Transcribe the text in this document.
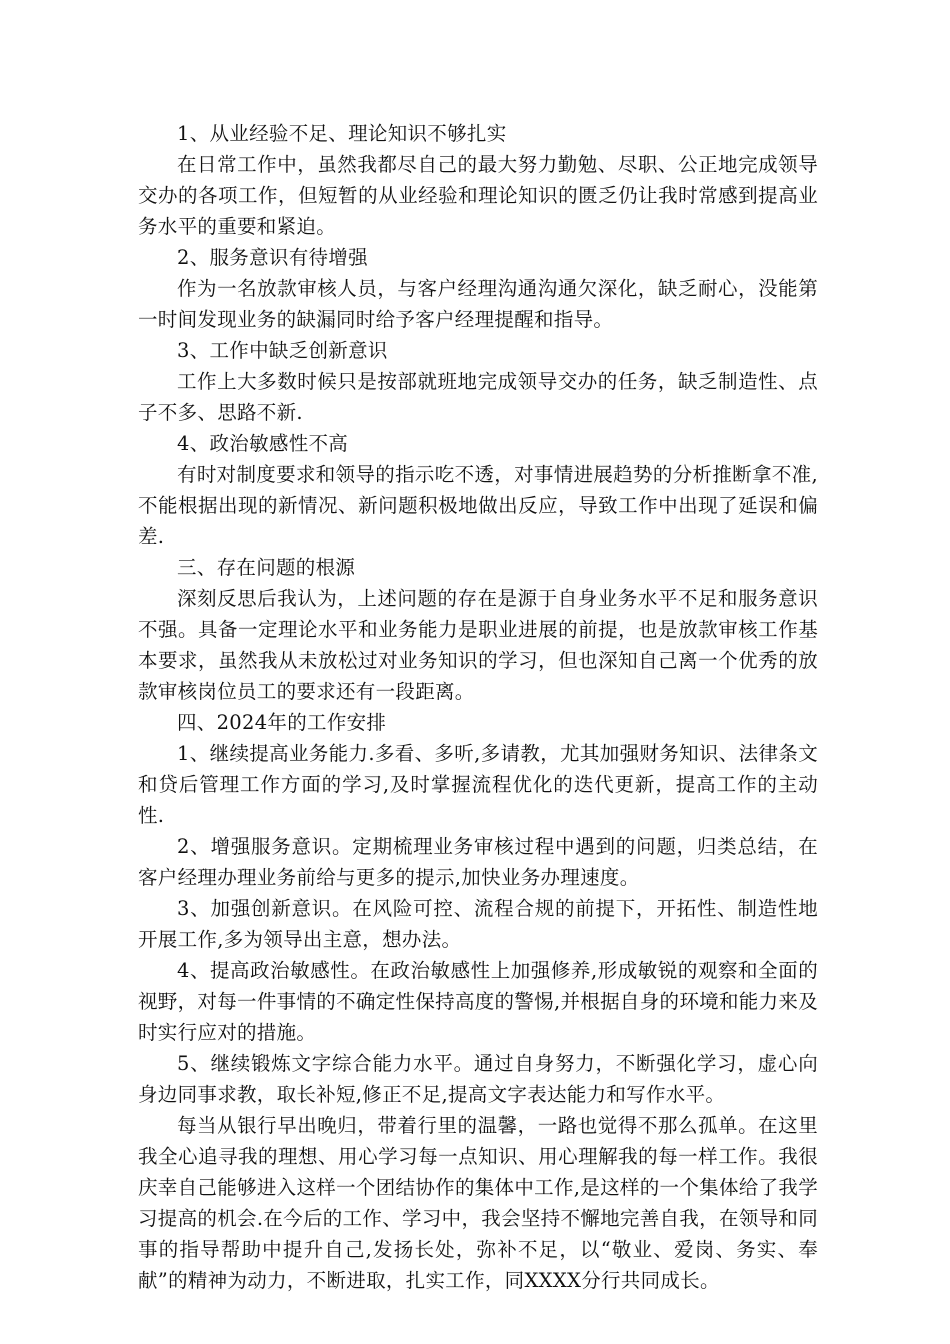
1、从业经验不足、理论知识不够扎实

在日常工作中，虽然我都尽自己的最大努力勤勉、尽职、公正地完成领导交办的各项工作，但短暂的从业经验和理论知识的匮乏仍让我时常感到提高业务水平的重要和紧迫。

2、服务意识有待增强

作为一名放款审核人员，与客户经理沟通沟通欠深化，缺乏耐心，没能第一时间发现业务的缺漏同时给予客户经理提醒和指导。

3、工作中缺乏创新意识

工作上大多数时候只是按部就班地完成领导交办的任务，缺乏制造性、点子不多、思路不新.

4、政治敏感性不高

有时对制度要求和领导的指示吃不透，对事情进展趋势的分析推断拿不准,不能根据出现的新情况、新问题积极地做出反应，导致工作中出现了延误和偏差.

三、存在问题的根源

深刻反思后我认为，上述问题的存在是源于自身业务水平不足和服务意识不强。具备一定理论水平和业务能力是职业进展的前提，也是放款审核工作基本要求，虽然我从未放松过对业务知识的学习，但也深知自己离一个优秀的放款审核岗位员工的要求还有一段距离。

四、2024年的工作安排

1、继续提高业务能力.多看、多听,多请教，尤其加强财务知识、法律条文和贷后管理工作方面的学习,及时掌握流程优化的迭代更新，提高工作的主动性.

2、增强服务意识。定期梳理业务审核过程中遇到的问题，归类总结，在客户经理办理业务前给与更多的提示,加快业务办理速度。

3、加强创新意识。在风险可控、流程合规的前提下，开拓性、制造性地开展工作,多为领导出主意，想办法。

4、提高政治敏感性。在政治敏感性上加强修养,形成敏锐的观察和全面的视野，对每一件事情的不确定性保持高度的警惕,并根据自身的环境和能力来及时实行应对的措施。

5、继续锻炼文字综合能力水平。通过自身努力，不断强化学习，虚心向身边同事求教，取长补短,修正不足,提高文字表达能力和写作水平。

每当从银行早出晚归，带着行里的温馨，一路也觉得不那么孤单。在这里我全心追寻我的理想、用心学习每一点知识、用心理解我的每一样工作。我很庆幸自己能够进入这样一个团结协作的集体中工作,是这样的一个集体给了我学习提高的机会.在今后的工作、学习中，我会坚持不懈地完善自我，在领导和同事的指导帮助中提升自己,发扬长处，弥补不足，以“敬业、爱岗、务实、奉献”的精神为动力，不断进取，扎实工作，同XXXX分行共同成长。
